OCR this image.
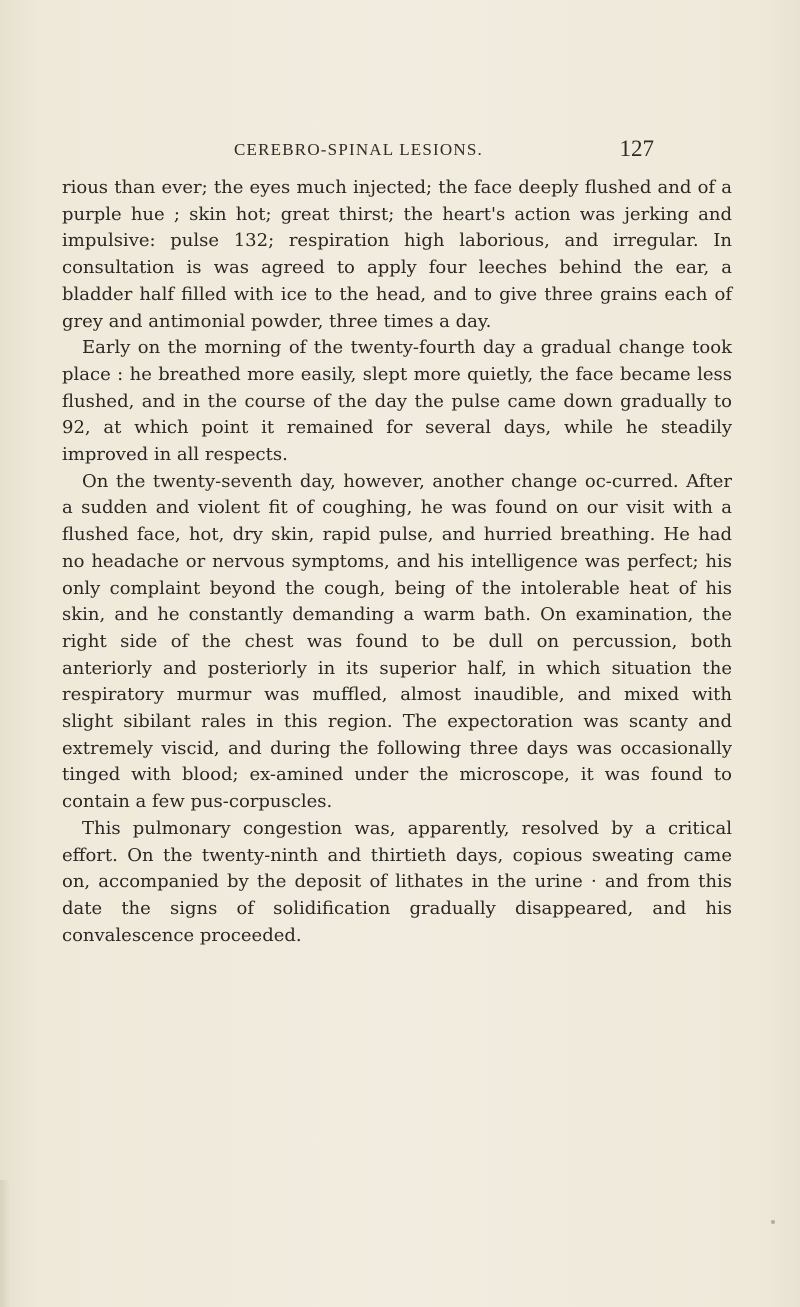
CEREBRO-SPINAL LESIONS.	127

rious than ever; the eyes much injected; the face deeply flushed and of a purple hue ; skin hot; great thirst; the heart's action was jerking and impulsive: pulse 132; respiration high laborious, and irregular. In consultation is was agreed to apply four leeches behind the ear, a bladder half filled with ice to the head, and to give three grains each of grey and antimonial powder, three times a day.

Early on the morning of the twenty-fourth day a gradual change took place : he breathed more easily, slept more quietly, the face became less flushed, and in the course of the day the pulse came down gradually to 92, at which point it remained for several days, while he steadily improved in all respects.

On the twenty-seventh day, however, another change oc-curred. After a sudden and violent fit of coughing, he was found on our visit with a flushed face, hot, dry skin, rapid pulse, and hurried breathing. He had no headache or nervous symptoms, and his intelligence was perfect; his only complaint beyond the cough, being of the intolerable heat of his skin, and he constantly demanding a warm bath. On examination, the right side of the chest was found to be dull on percussion, both anteriorly and posteriorly in its superior half, in which situation the respiratory murmur was muffled, almost inaudible, and mixed with slight sibilant rales in this region. The expectoration was scanty and extremely viscid, and during the following three days was occasionally tinged with blood; ex-amined under the microscope, it was found to contain a few pus-corpuscles.

This pulmonary congestion was, apparently, resolved by a critical effort. On the twenty-ninth and thirtieth days, copious sweating came on, accompanied by the deposit of lithates in the urine · and from this date the signs of solidification gradually disappeared, and his convalescence proceeded.
